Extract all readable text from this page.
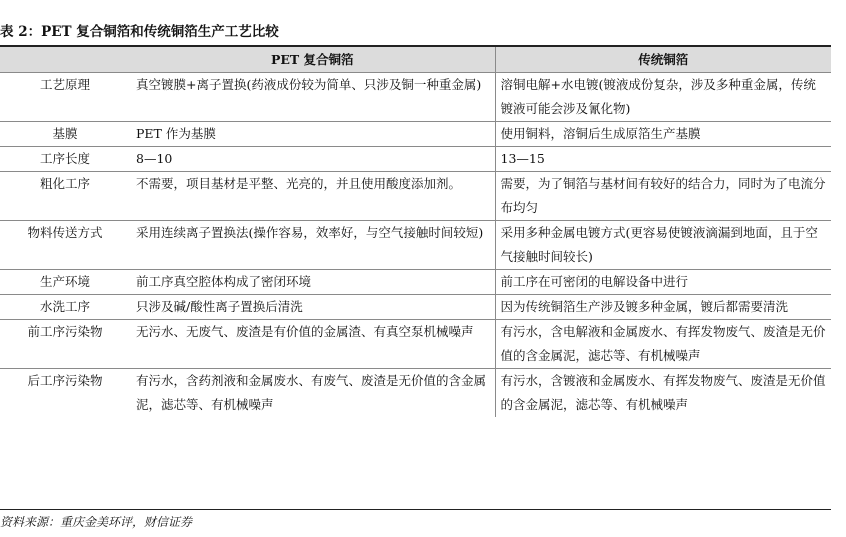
表 2：PET 复合铜箔和传统铜箔生产工艺比较
	PET 复合铜箔	传统铜箔
工艺原理	真空镀膜+离子置换(药液成份较为简单、只涉及铜一种重金属)	溶铜电解+水电镀(镀液成份复杂，涉及多种重金属，传统镀液可能会涉及氰化物)
基膜	PET 作为基膜	使用铜料，溶铜后生成原箔生产基膜
工序长度	8—10	13—15
粗化工序	不需要，项目基材是平整、光亮的，并且使用酸度添加剂。	需要，为了铜箔与基材间有较好的结合力，同时为了电流分布均匀
物料传送方式	采用连续离子置换法(操作容易，效率好，与空气接触时间较短)	采用多种金属电镀方式(更容易使镀液滴漏到地面，且于空气接触时间较长)
生产环境	前工序真空腔体构成了密闭环境	前工序在可密闭的电解设备中进行
水洗工序	只涉及碱/酸性离子置换后清洗	因为传统铜箔生产涉及镀多种金属，镀后都需要清洗
前工序污染物	无污水、无废气、废渣是有价值的金属渣、有真空泵机械噪声	有污水，含电解液和金属废水、有挥发物废气、废渣是无价值的含金属泥，滤芯等、有机械噪声
后工序污染物	有污水，含药剂液和金属废水、有废气、废渣是无价值的含金属泥，滤芯等、有机械噪声	有污水，含镀液和金属废水、有挥发物废气、废渣是无价值的含金属泥，滤芯等、有机械噪声
资料来源：重庆金美环评，财信证券
